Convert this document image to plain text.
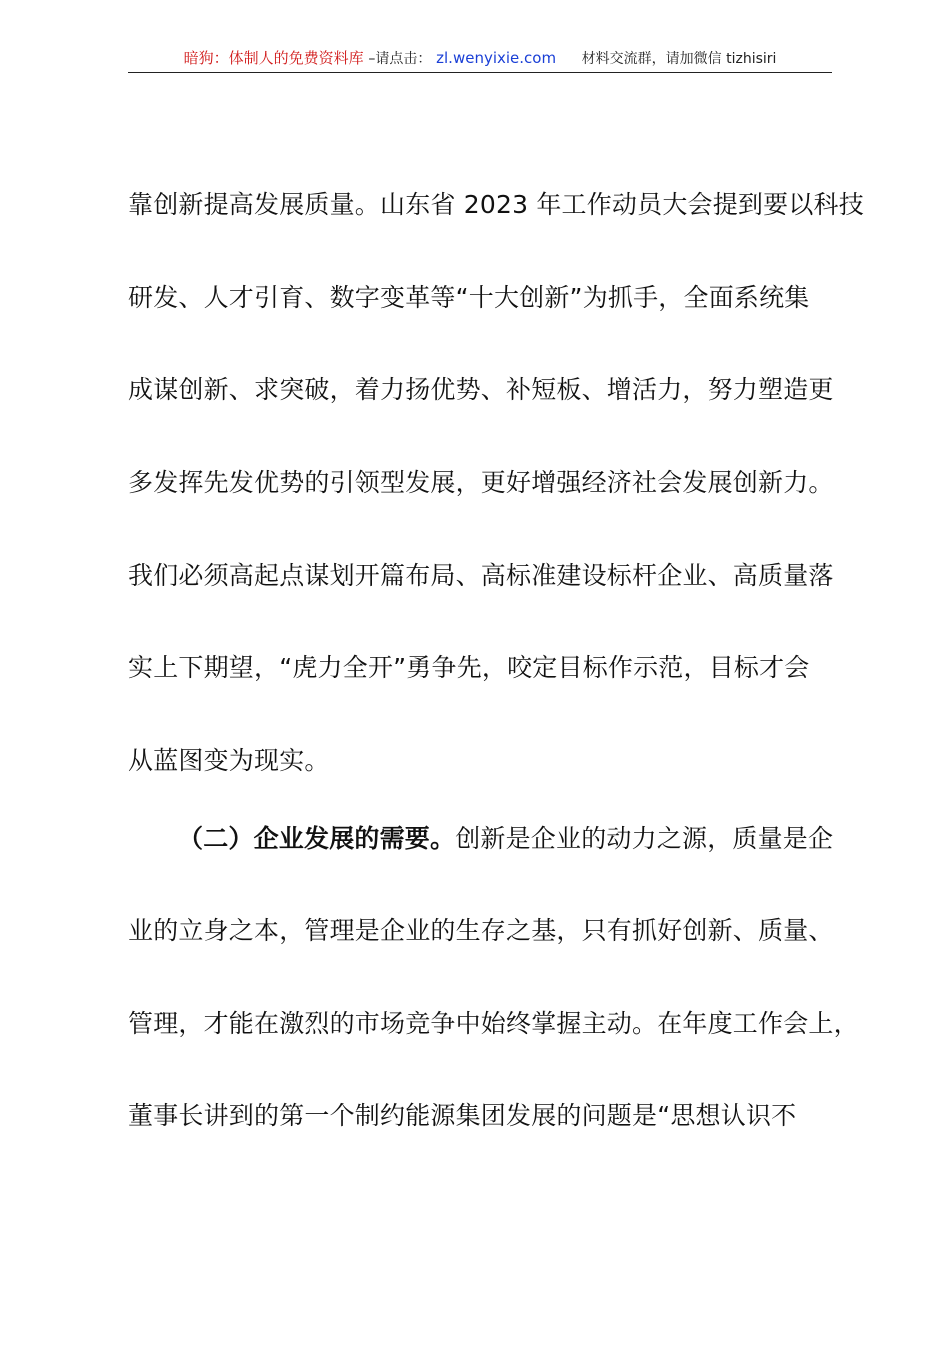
暗狗：体制人的免费资料库 –请点击： zl.wenyixie.com 材料交流群，请加微信 tizhisiri
靠创新提高发展质量。山东省 2023 年工作动员大会提到要以科技
研发、人才引育、数字变革等“十大创新”为抓手，全面系统集
成谋创新、求突破，着力扬优势、补短板、增活力，努力塑造更
多发挥先发优势的引领型发展，更好增强经济社会发展创新力。
我们必须高起点谋划开篇布局、高标准建设标杆企业、高质量落
实上下期望，“虎力全开”勇争先，咬定目标作示范，目标才会
从蓝图变为现实。
（二）企业发展的需要。创新是企业的动力之源，质量是企
业的立身之本，管理是企业的生存之基，只有抓好创新、质量、
管理，才能在激烈的市场竞争中始终掌握主动。在年度工作会上，
董事长讲到的第一个制约能源集团发展的问题是“思想认识不
